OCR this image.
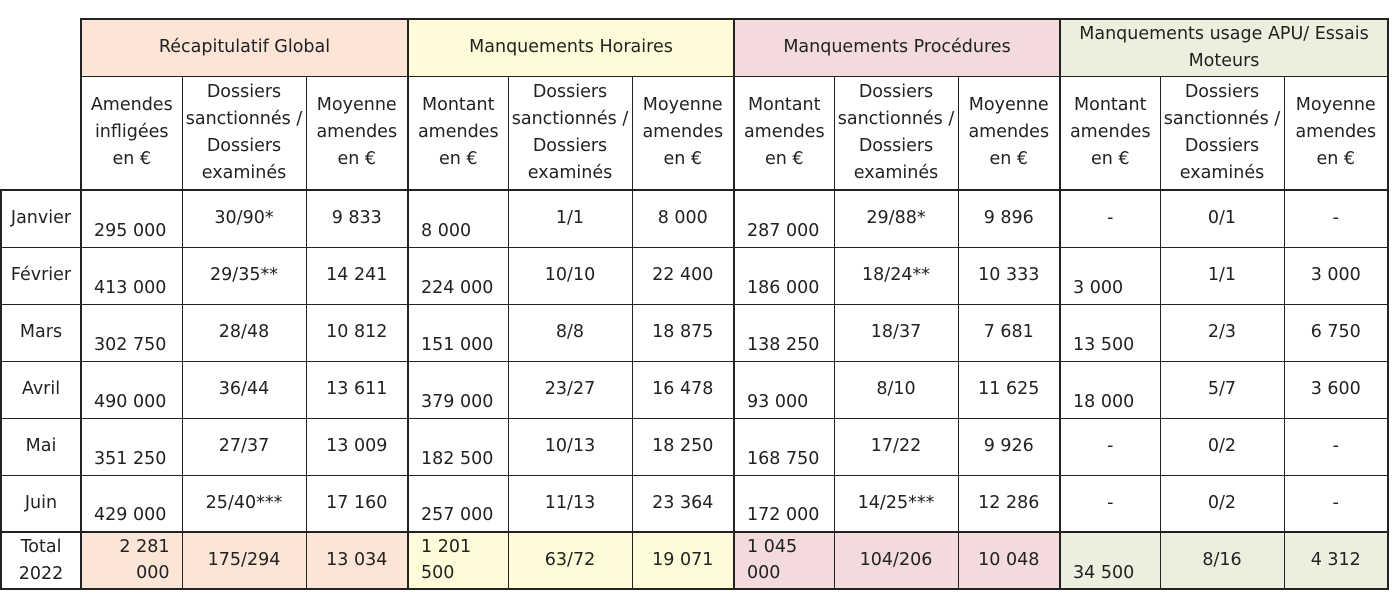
	Récapitulatif Global			Manquements Horaires			Manquements Procédures			Manquements usage APU/ Essais Moteurs		
	Amendes infligées en €	Dossiers sanctionnés / Dossiers examinés	Moyenne amendes en €	Montant amendes en €	Dossiers sanctionnés / Dossiers examinés	Moyenne amendes en €	Montant amendes en €	Dossiers sanctionnés / Dossiers examinés	Moyenne amendes en €	Montant amendes en €	Dossiers sanctionnés / Dossiers examinés	Moyenne amendes en €
Janvier	295 000	30/90*	9 833	8 000	1/1	8 000	287 000	29/88*	9 896	-	0/1	-
Février	413 000	29/35**	14 241	224 000	10/10	22 400	186 000	18/24**	10 333	3 000	1/1	3 000
Mars	302 750	28/48	10 812	151 000	8/8	18 875	138 250	18/37	7 681	13 500	2/3	6 750
Avril	490 000	36/44	13 611	379 000	23/27	16 478	93 000	8/10	11 625	18 000	5/7	3 600
Mai	351 250	27/37	13 009	182 500	10/13	18 250	168 750	17/22	9 926	-	0/2	-
Juin	429 000	25/40***	17 160	257 000	11/13	23 364	172 000	14/25***	12 286	-	0/2	-
Total 2022	2 281 000	175/294	13 034	1 201 500	63/72	19 071	1 045 000	104/206	10 048	34 500	8/16	4 312
